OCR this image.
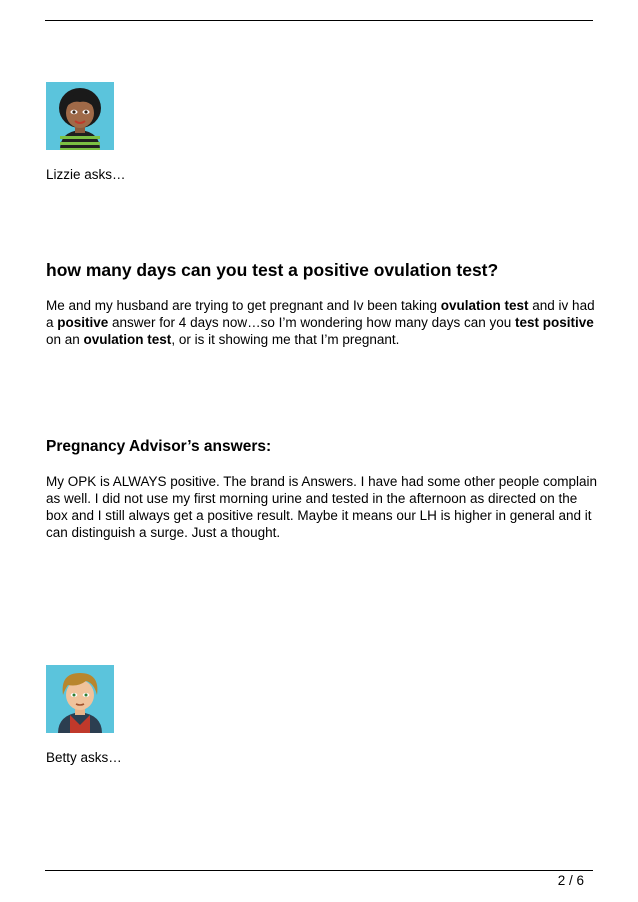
Lizzie asks…
how many days can you test a positive ovulation test?

Me and my husband are trying to get pregnant and Iv been taking ovulation test and iv had a positive answer for 4 days now…so I’m wondering how many days can you test positive on an ovulation test, or is it showing me that I’m pregnant.

Pregnancy Advisor’s answers:

My OPK is ALWAYS positive. The brand is Answers. I have had some other people complain as well. I did not use my first morning urine and tested in the afternoon as directed on the box and I still always get a positive result. Maybe it means our LH is higher in general and it can distinguish a surge. Just a thought.

Betty asks…
2 / 6
